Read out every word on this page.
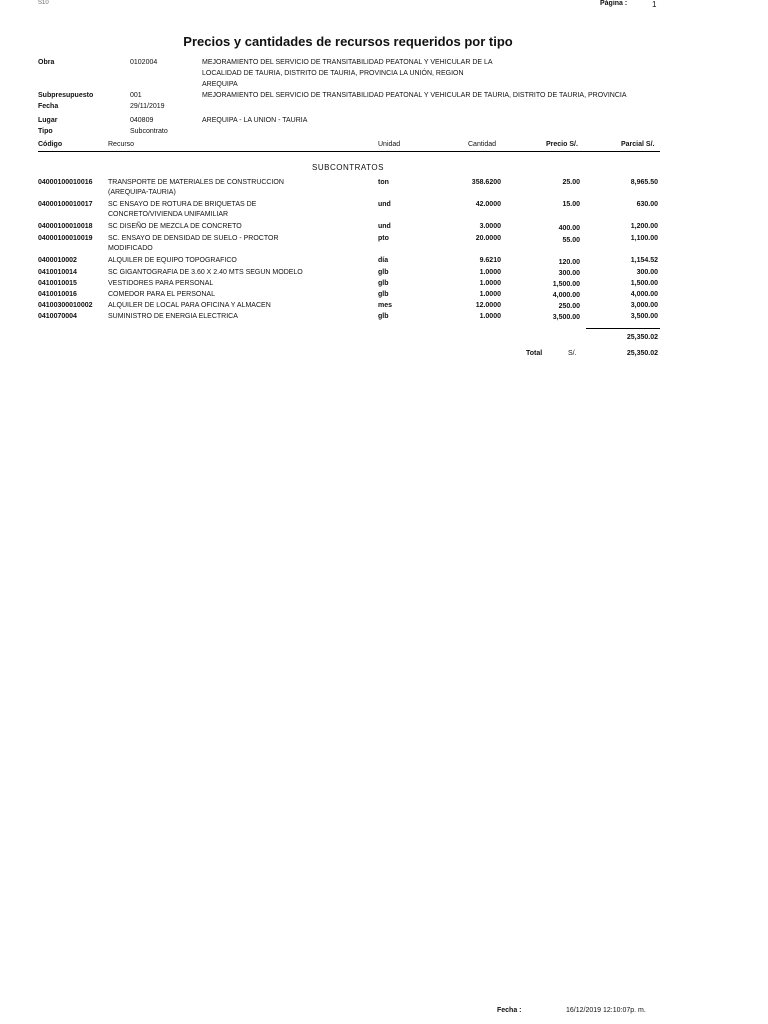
S10	Página :	1
Precios y cantidades de recursos requeridos por tipo
Obra	0102004	MEJORAMIENTO DEL SERVICIO DE TRANSITABILIDAD PEATONAL Y VEHICULAR DE LA
LOCALIDAD DE TAURIA, DISTRITO DE TAURIA, PROVINCIA LA UNIÓN, REGION
AREQUIPA
Subpresupuesto	001	MEJORAMIENTO DEL SERVICIO DE TRANSITABILIDAD PEATONAL Y VEHICULAR DE TAURIA, DISTRITO DE TAURIA, PROVINCIA
Fecha	29/11/2019
Lugar	040809	AREQUIPA - LA UNION - TAURIA
Tipo	Subcontrato
Código	Recurso	Unidad	Cantidad	Precio S/.	Parcial S/.
SUBCONTRATOS
04000100010016 TRANSPORTE DE MATERIALES DE CONSTRUCCION	ton	358.6200	25.00	8,965.50
(AREQUIPA-TAURIA)
04000100010017 SC ENSAYO DE ROTURA DE BRIQUETAS DE	und	42.0000	15.00	630.00
CONCRETO/VIVIENDA UNIFAMILIAR
04000100010018 SC DISEÑO DE MEZCLA DE CONCRETO	und	3.0000	400.00	1,200.00
04000100010019 SC. ENSAYO DE DENSIDAD DE SUELO - PROCTOR	pto	20.0000	55.00	1,100.00
MODIFICADO
0400010002	ALQUILER DE EQUIPO TOPOGRAFICO	día	9.6210	120.00	1,154.52
0410010014	SC GIGANTOGRAFIA DE 3.60 X 2.40 MTS SEGUN MODELO	glb	1.0000	300.00	300.00
0410010015	VESTIDORES PARA PERSONAL	glb	1.0000	1,500.00	1,500.00
0410010016	COMEDOR PARA EL PERSONAL	glb	1.0000	4,000.00	4,000.00
04100300010002 ALQUILER DE LOCAL PARA OFICINA Y ALMACEN	mes	12.0000	250.00	3,000.00
0410070004	SUMINISTRO DE ENERGIA ELECTRICA	glb	1.0000	3,500.00	3,500.00
25,350.02
Total	S/.	25,350.02
Fecha :	16/12/2019 12:10:07p. m.
